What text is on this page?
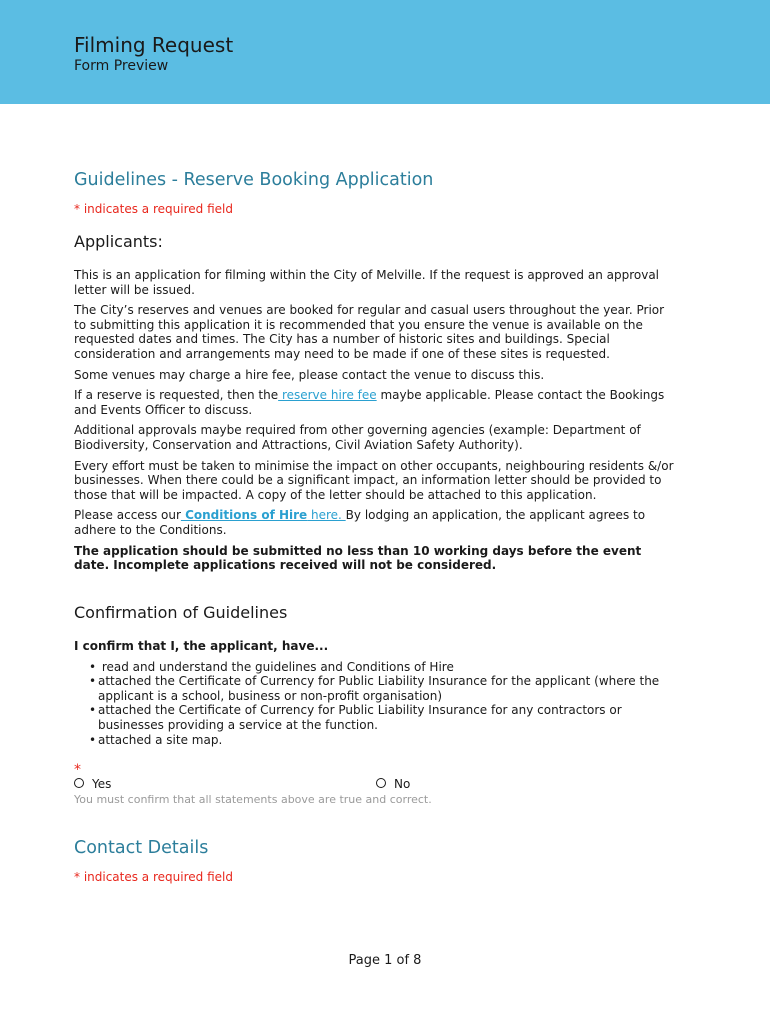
Filming Request
Form Preview
Guidelines - Reserve Booking Application
* indicates a required field
Applicants:

This is an application for filming within the City of Melville. If the request is approved an approval letter will be issued.

The City’s reserves and venues are booked for regular and casual users throughout the year. Prior to submitting this application it is recommended that you ensure the venue is available on the requested dates and times. The City has a number of historic sites and buildings. Special consideration and arrangements may need to be made if one of these sites is requested.

Some venues may charge a hire fee, please contact the venue to discuss this.

If a reserve is requested, then the reserve hire fee maybe applicable. Please contact the Bookings and Events Officer to discuss.

Additional approvals maybe required from other governing agencies (example: Department of Biodiversity, Conservation and Attractions, Civil Aviation Safety Authority).

Every effort must be taken to minimise the impact on other occupants, neighbouring residents &/or businesses. When there could be a significant impact, an information letter should be provided to those that will be impacted. A copy of the letter should be attached to this application.

Please access our Conditions of Hire here. By lodging an application, the applicant agrees to adhere to the Conditions.

The application should be submitted no less than 10 working days before the event date. Incomplete applications received will not be considered.

Confirmation of Guidelines
I confirm that I, the applicant, have...
• read and understand the guidelines and Conditions of Hire
• attached the Certificate of Currency for Public Liability Insurance for the applicant (where the applicant is a school, business or non-profit organisation)
• attached the Certificate of Currency for Public Liability Insurance for any contractors or businesses providing a service at the function.
• attached a site map.
*
Yes	No
You must confirm that all statements above are true and correct.
Contact Details
* indicates a required field
Page 1 of 8
